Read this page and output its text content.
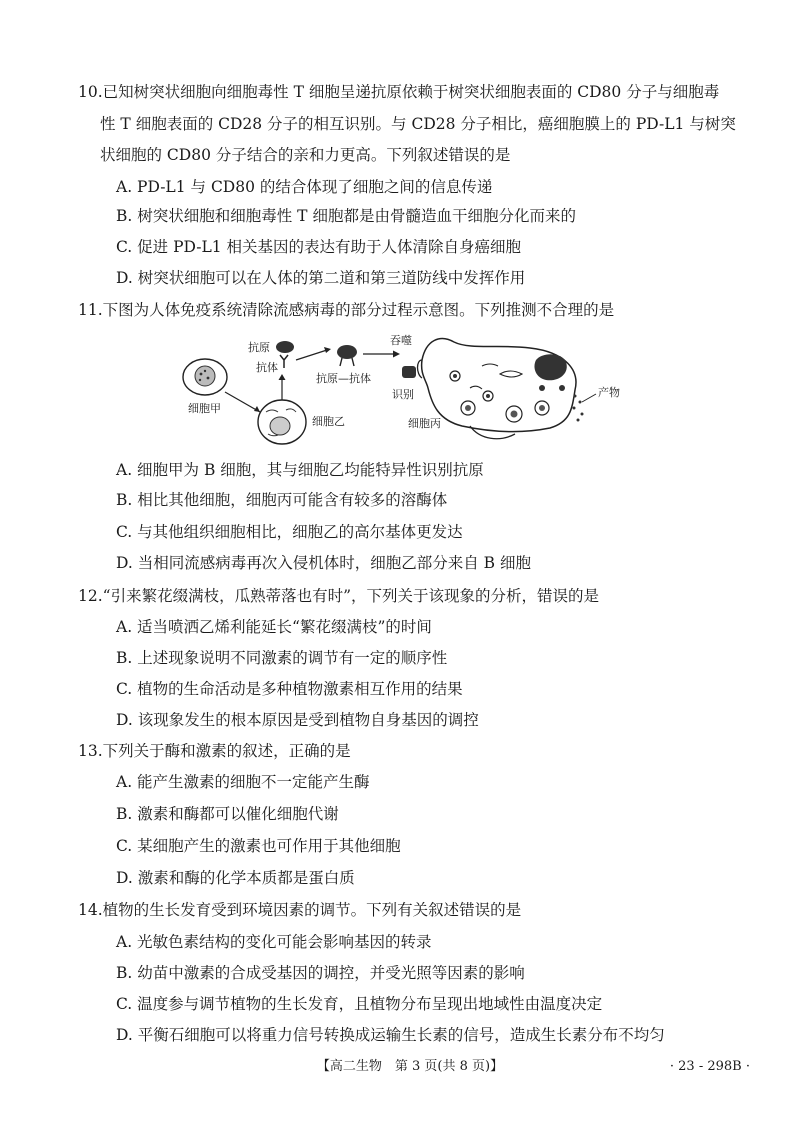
10.已知树突状细胞向细胞毒性 T 细胞呈递抗原依赖于树突状细胞表面的 CD80 分子与细胞毒
性 T 细胞表面的 CD28 分子的相互识别。与 CD28 分子相比，癌细胞膜上的 PD-L1 与树突
状细胞的 CD80 分子结合的亲和力更高。下列叙述错误的是
A. PD-L1 与 CD80 的结合体现了细胞之间的信息传递
B. 树突状细胞和细胞毒性 T 细胞都是由骨髓造血干细胞分化而来的
C. 促进 PD-L1 相关基因的表达有助于人体清除自身癌细胞
D. 树突状细胞可以在人体的第二道和第三道防线中发挥作用
11.下图为人体免疫系统清除流感病毒的部分过程示意图。下列推测不合理的是
细胞甲
细胞乙
抗原
抗体
抗原—抗体
吞噬
识别
细胞丙
产物
A. 细胞甲为 B 细胞，其与细胞乙均能特异性识别抗原
B. 相比其他细胞，细胞丙可能含有较多的溶酶体
C. 与其他组织细胞相比，细胞乙的高尔基体更发达
D. 当相同流感病毒再次入侵机体时，细胞乙部分来自 B 细胞
12.“引来繁花缀满枝，瓜熟蒂落也有时”，下列关于该现象的分析，错误的是
A. 适当喷洒乙烯利能延长“繁花缀满枝”的时间
B. 上述现象说明不同激素的调节有一定的顺序性
C. 植物的生命活动是多种植物激素相互作用的结果
D. 该现象发生的根本原因是受到植物自身基因的调控
13.下列关于酶和激素的叙述，正确的是
A. 能产生激素的细胞不一定能产生酶
B. 激素和酶都可以催化细胞代谢
C. 某细胞产生的激素也可作用于其他细胞
D. 激素和酶的化学本质都是蛋白质
14.植物的生长发育受到环境因素的调节。下列有关叙述错误的是
A. 光敏色素结构的变化可能会影响基因的转录
B. 幼苗中激素的合成受基因的调控，并受光照等因素的影响
C. 温度参与调节植物的生长发育，且植物分布呈现出地域性由温度决定
D. 平衡石细胞可以将重力信号转换成运输生长素的信号，造成生长素分布不均匀
【高二生物　第 3 页(共 8 页)】	· 23 - 298B ·
